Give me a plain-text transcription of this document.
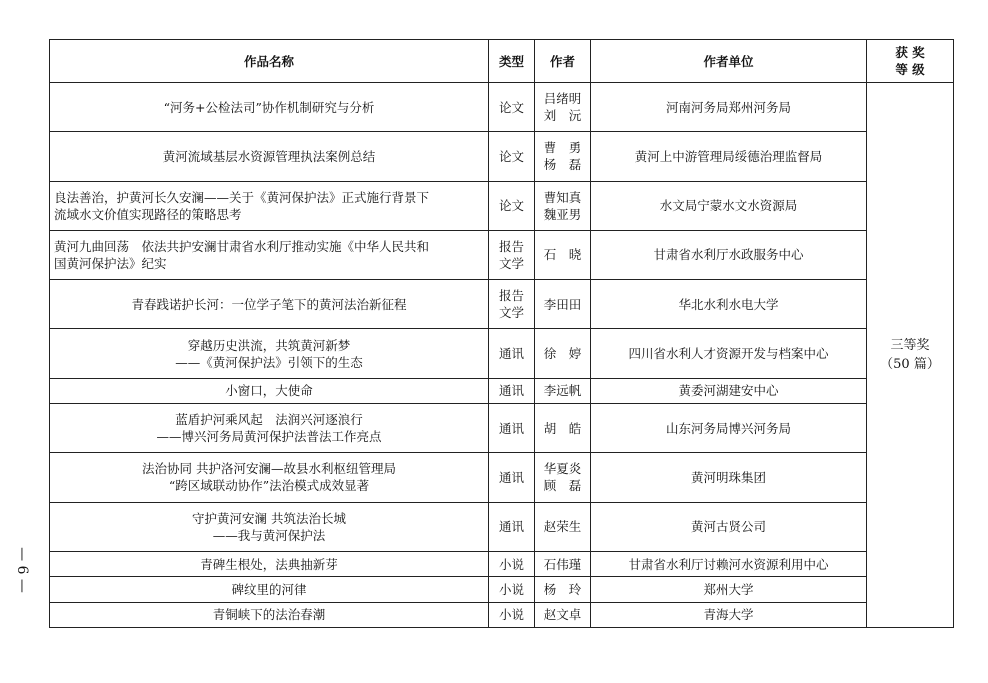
— 6 —
作品名称	类型	作者	作者单位	获 奖
等 级

“河务+公检法司”协作机制研究与分析	论文	吕绪明
刘　沅	河南河务局郑州河务局	三等奖
（50 篇）

黄河流域基层水资源管理执法案例总结	论文	曹　勇
杨　磊	黄河上中游管理局绥德治理监督局	

良法善治，护黄河长久安澜——关于《黄河保护法》正式施行背景下
流域水文价值实现路径的策略思考	论文	曹知真
魏亚男	水文局宁蒙水文水资源局	

黄河九曲回荡　依法共护安澜甘肃省水利厅推动实施《中华人民共和
国黄河保护法》纪实	报告文学	石　晓	甘肃省水利厅水政服务中心	

青春践诺护长河：一位学子笔下的黄河法治新征程	报告文学	李田田	华北水利水电大学	

穿越历史洪流，共筑黄河新梦
——《黄河保护法》引领下的生态	通讯	徐　婷	四川省水利人才资源开发与档案中心	

小窗口，大使命	通讯	李远帆	黄委河湖建安中心	

蓝盾护河乘风起　法润兴河逐浪行
——博兴河务局黄河保护法普法工作亮点	通讯	胡　皓	山东河务局博兴河务局	

法治协同 共护洛河安澜—故县水利枢纽管理局
“跨区域联动协作”法治模式成效显著	通讯	华夏炎
顾　磊	黄河明珠集团	

守护黄河安澜 共筑法治长城
——我与黄河保护法	通讯	赵荣生	黄河古贤公司	

青碑生根处，法典抽新芽	小说	石伟瑾	甘肃省水利厅讨赖河水资源利用中心	

碑纹里的河律	小说	杨　玲	郑州大学	

青铜峡下的法治春潮	小说	赵文卓	青海大学	
